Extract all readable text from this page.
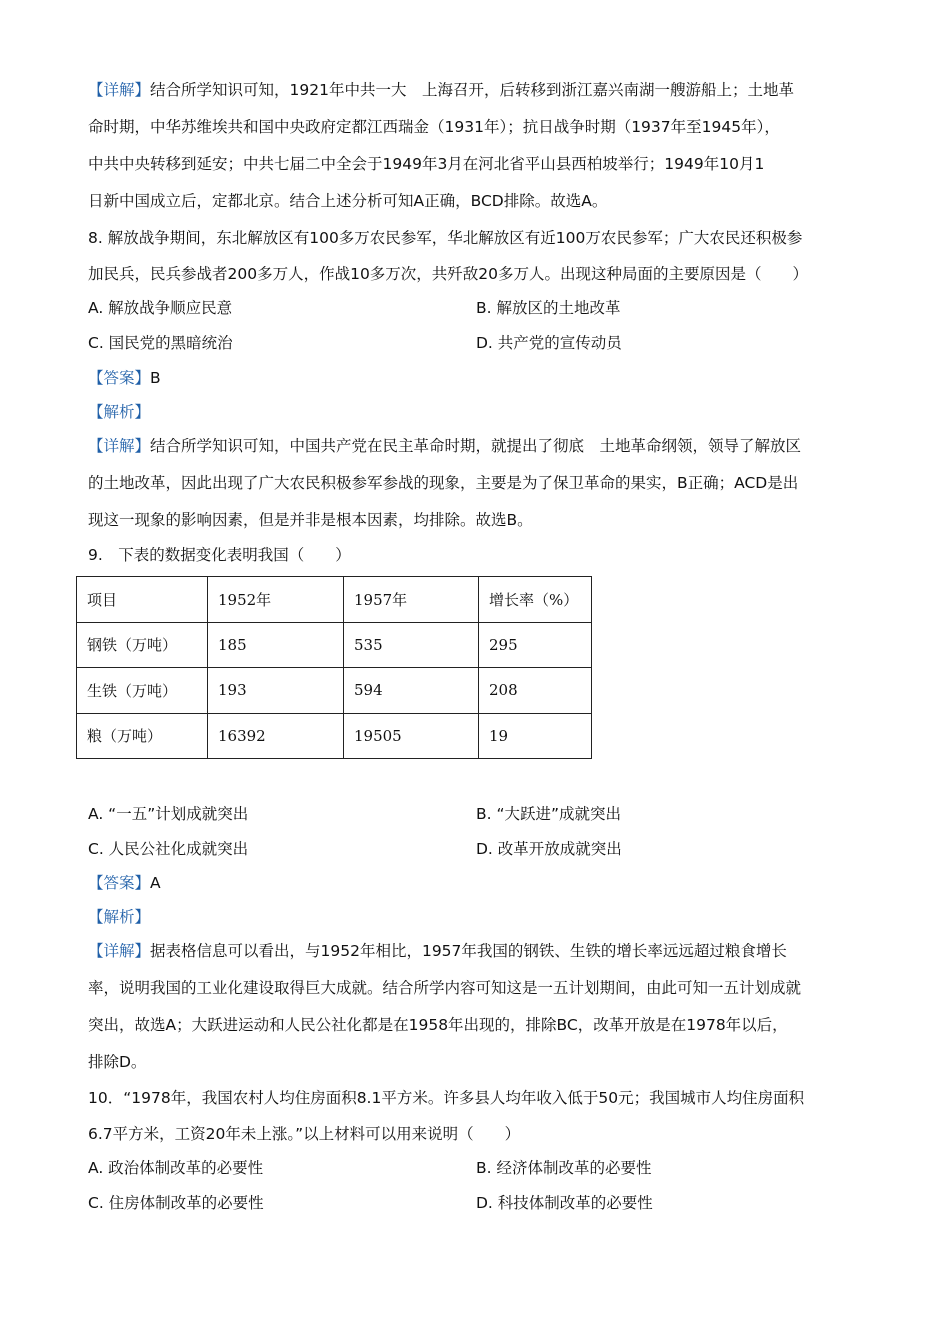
【详解】结合所学知识可知，1921年中共一大　上海召开，后转移到浙江嘉兴南湖一艘游船上；土地革
命时期，中华苏维埃共和国中央政府定都江西瑞金（1931年）；抗日战争时期（1937年至1945年），
中共中央转移到延安；中共七届二中全会于1949年3月在河北省平山县西柏坡举行；1949年10月1
日新中国成立后，定都北京。结合上述分析可知A正确，BCD排除。故选A。
8. 解放战争期间，东北解放区有100多万农民参军，华北解放区有近100万农民参军；广大农民还积极参
加民兵，民兵参战者200多万人，作战10多万次，共歼敌20多万人。出现这种局面的主要原因是（　　）
A. 解放战争顺应民意	B. 解放区的土地改革
C. 国民党的黑暗统治	D. 共产党的宣传动员
【答案】B
【解析】
【详解】结合所学知识可知，中国共产党在民主革命时期，就提出了彻底　土地革命纲领，领导了解放区
的土地改革，因此出现了广大农民积极参军参战的现象，主要是为了保卫革命的果实，B正确；ACD是出
现这一现象的影响因素，但是并非是根本因素，均排除。故选B。
9.　下表的数据变化表明我国（　　）
项目	1952年	1957年	增长率（%）
钢铁（万吨）	185	535	295
生铁（万吨）	193	594	208
粮（万吨）	16392	19505	19
A. “一五”计划成就突出	B. “大跃进”成就突出
C. 人民公社化成就突出	D. 改革开放成就突出
【答案】A
【解析】
【详解】据表格信息可以看出，与1952年相比，1957年我国的钢铁、生铁的增长率远远超过粮食增长
率，说明我国的工业化建设取得巨大成就。结合所学内容可知这是一五计划期间，由此可知一五计划成就
突出，故选A；大跃进运动和人民公社化都是在1958年出现的，排除BC，改革开放是在1978年以后，
排除D。
10．“1978年，我国农村人均住房面积8.1平方米。许多县人均年收入低于50元；我国城市人均住房面积
6.7平方米，工资20年未上涨。”以上材料可以用来说明（　　）
A. 政治体制改革的必要性	B. 经济体制改革的必要性
C. 住房体制改革的必要性	D. 科技体制改革的必要性
